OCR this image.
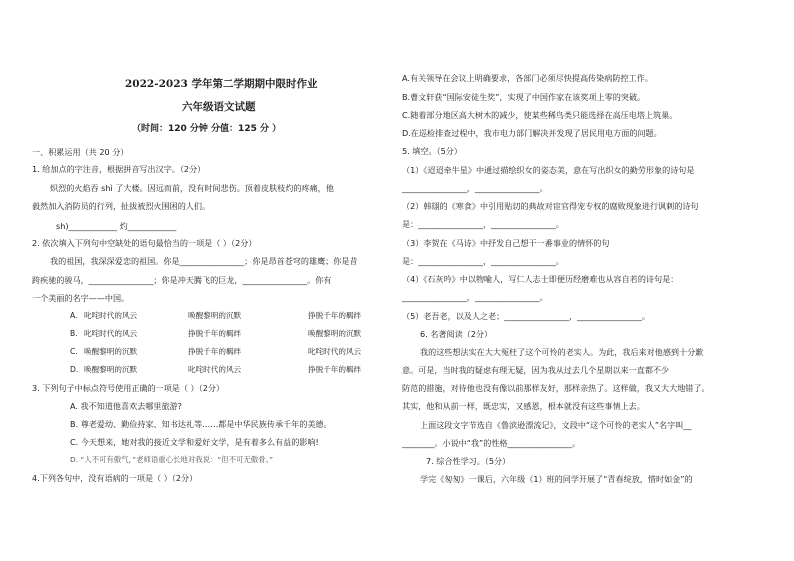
2022-2023 学年第二学期期中限时作业
六年级语文试题
（时间：120 分钟 分值：125 分 ）
一、积累运用（共 20 分）
1. 给加点的字注音，根据拼音写出汉字。（2分）
炽烈的火焰吞 shì 了大楼。因远而前，没有时间悲伤。顶着皮肤枝灼的疼痛，他
毅然加入消防员的行列，扯拔被烈火围困的人们。
sh)____________ 灼____________
2. 依次填入下列句中空缺处的语句最恰当的一项是（ ）（2分）
我的祖国，我深深爱恋的祖国。你是________________；你是昂首苍穹的雄鹰；你是昔
跨疾驰的骏马，________________；你是冲天腾飞的巨龙，________________。你有
一个美丽的名字——中国。
A. 叱咤时代的风云	唤醒黎明的沉默	挣脱千年的羁绊
B. 叱咤时代的风云	挣脱千年的羁绊	唤醒黎明的沉默
C. 唤醒黎明的沉默	挣脱千年的羁绊	叱咤时代的风云
D. 唤醒黎明的沉默	叱咤时代的风云	挣脱千年的羁绊
3. 下列句子中标点符号使用正确的一项是（ ）（2分）
A. 我不知道他喜欢去哪里旅游?
B. 尊老爱幼、勤俭持家、知书达礼等……都是中华民族传承千年的美德。
C. 今天想来，她对我的接近文学和爱好文学，是有着多么有益的影响!
D. “人不可有傲气，”老师语重心长地对我说：“但不可无傲骨。”
4.下列各句中，没有语病的一项是（ ）（2分）
A.有关领导在会议上明确要求，各部门必须尽快提高传染病防控工作。
B.曹文轩获“国际安徒生奖”，实现了中国作家在该奖项上零的突破。
C.随着部分地区高大树木的减少，使某些稀鸟类只能选择在高压电塔上筑巢。
D.在巡检排查过程中，我市电力部门解决并发现了居民用电方面的问题。
5. 填空。（5分）
（1）《迢迢牵牛星》中通过描绘织女的姿态美，意在写出织女的勤劳形象的诗句是
________________，________________。
（2）韩翃的《寒食》中引用贴切的典故对宦官得宠专权的腐败现象进行讽刺的诗句
是：________________，________________。
（3）李贺在《马诗》中抒发自己想干一番事业的情怀的句
是：________________，________________。
（4）《石灰吟》中以物喻人，写仁人志士即便历经磨难也从容自若的诗句是：
________________，________________。
（5）老吾老，以及人之老；________________，________________。
6. 名著阅读（2分）
我的这些想法实在大大冤枉了这个可怜的老实人。为此，我后来对他感到十分歉
意。可是，当时我的疑虑有理无疑，因为我从过去几个星期以来一直都不少
防范的措施，对待他也没有像以前那样友好，那样亲热了。这样做，我又大大地错了。
其实，他和从前一样，既忠实，又感恩，根本就没有这些事情上去。
上面这段文字节选自《鲁滨逊漂流记》，文段中“这个可怜的老实人”名字叫__
________。小说中“我”的性格________________。
7. 综合性学习。（5分）
学完《匆匆》一课后，六年级（1）班的同学开展了“青春绽放，惜时如金”的
